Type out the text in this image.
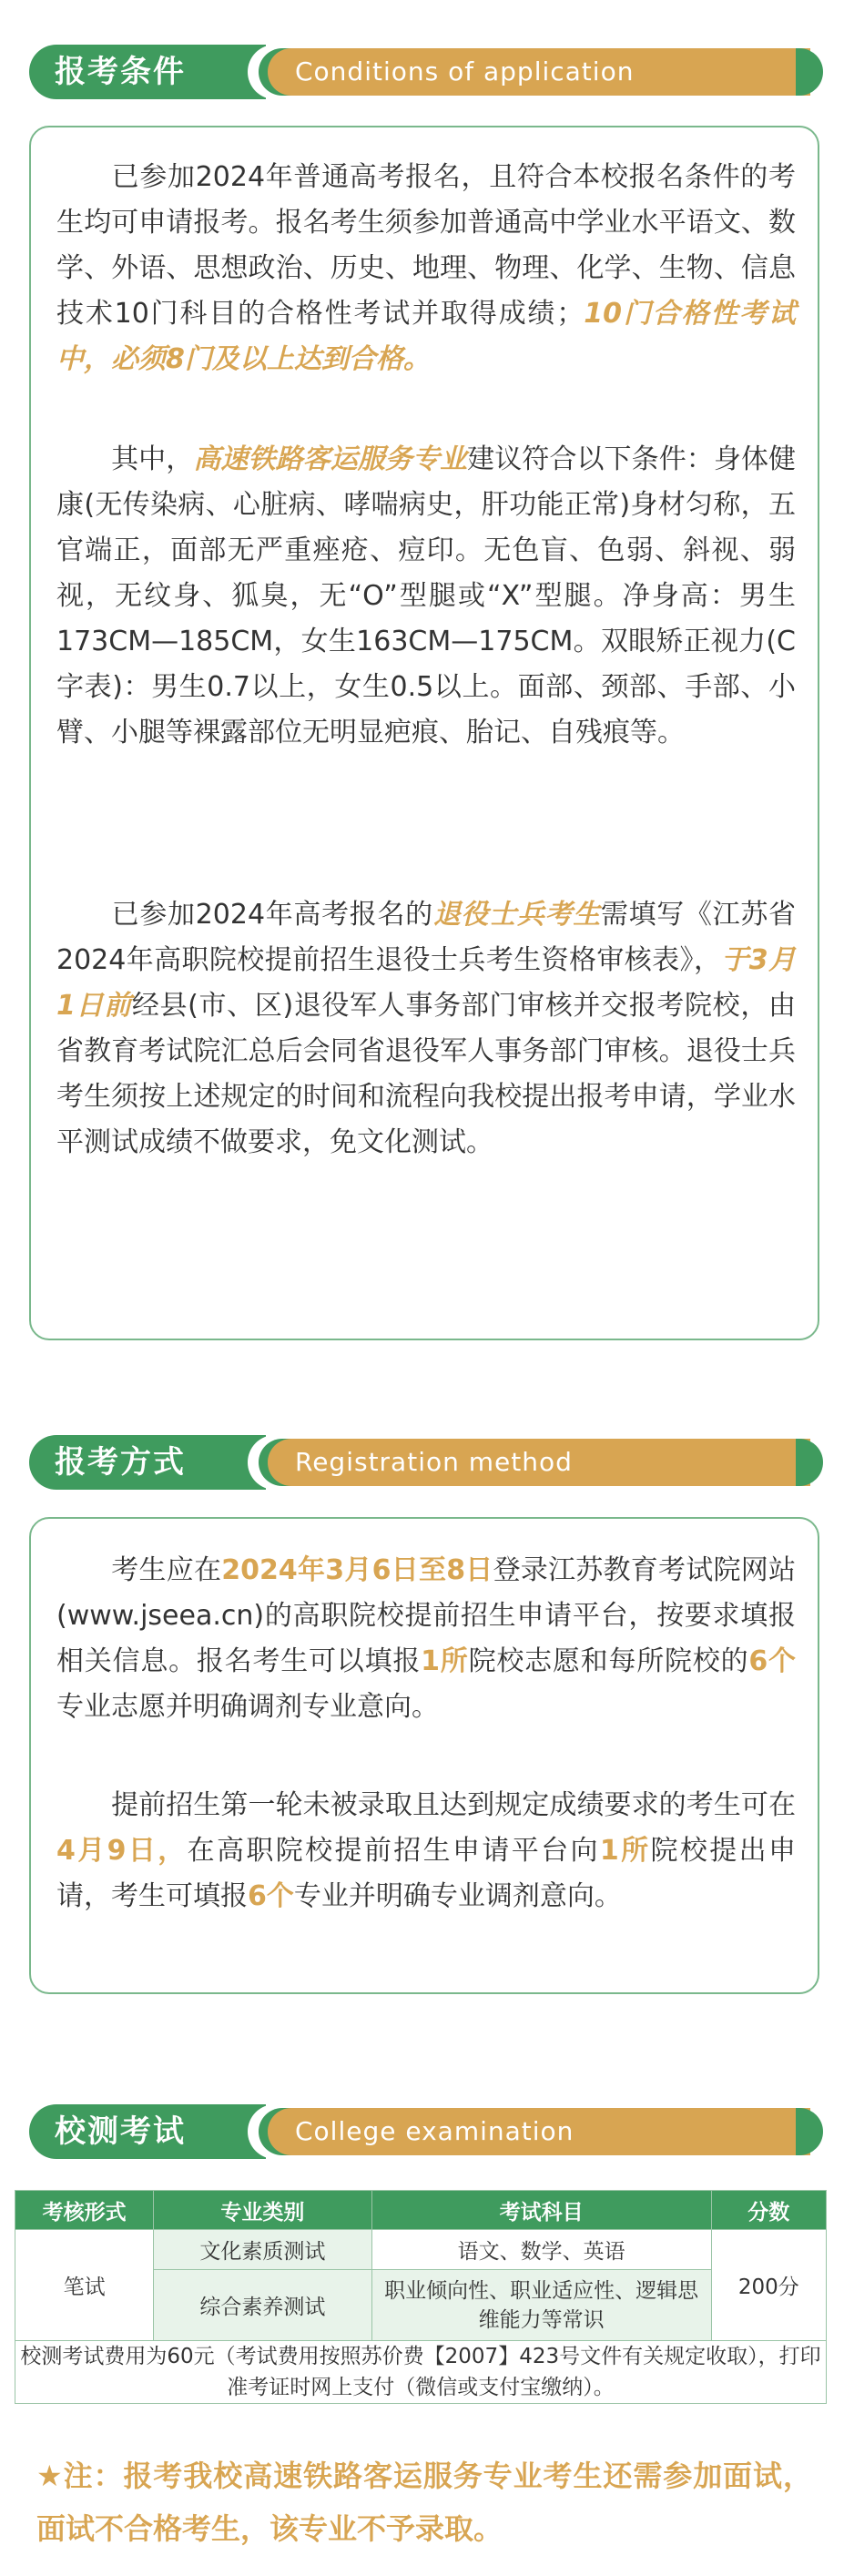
报考条件	Conditions of application
已参加2024年普通高考报名，且符合本校报名条件的考生均可申请报考。报名考生须参加普通高中学业水平语文、数学、外语、思想政治、历史、地理、物理、化学、生物、信息技术10门科目的合格性考试并取得成绩；10门合格性考试中，必须8门及以上达到合格。
其中，高速铁路客运服务专业建议符合以下条件：身体健康(无传染病、心脏病、哮喘病史，肝功能正常)身材匀称，五官端正，面部无严重痤疮、痘印。无色盲、色弱、斜视、弱视，无纹身、狐臭，无“O”型腿或“X”型腿。净身高：男生173CM—185CM，女生163CM—175CM。双眼矫正视力(C字表)：男生0.7以上，女生0.5以上。面部、颈部、手部、小臂、小腿等裸露部位无明显疤痕、胎记、自残痕等。
已参加2024年高考报名的退役士兵考生需填写《江苏省2024年高职院校提前招生退役士兵考生资格审核表》，于3月1日前经县(市、区)退役军人事务部门审核并交报考院校，由省教育考试院汇总后会同省退役军人事务部门审核。退役士兵考生须按上述规定的时间和流程向我校提出报考申请，学业水平测试成绩不做要求，免文化测试。
报考方式	Registration method
考生应在2024年3月6日至8日登录江苏教育考试院网站(www.jseea.cn)的高职院校提前招生申请平台，按要求填报相关信息。报名考生可以填报1所院校志愿和每所院校的6个专业志愿并明确调剂专业意向。
提前招生第一轮未被录取且达到规定成绩要求的考生可在4月9日，在高职院校提前招生申请平台向1所院校提出申请，考生可填报6个专业并明确专业调剂意向。
校测考试	College examination
考核形式	专业类别	考试科目	分数
笔试	文化素质测试	语文、数学、英语	200分
	综合素养测试	职业倾向性、职业适应性、逻辑思维能力等常识	
校测考试费用为60元（考试费用按照苏价费【2007】423号文件有关规定收取），打印准考证时网上支付（微信或支付宝缴纳）。			
★注：报考我校高速铁路客运服务专业考生还需参加面试，面试不合格考生，该专业不予录取。
